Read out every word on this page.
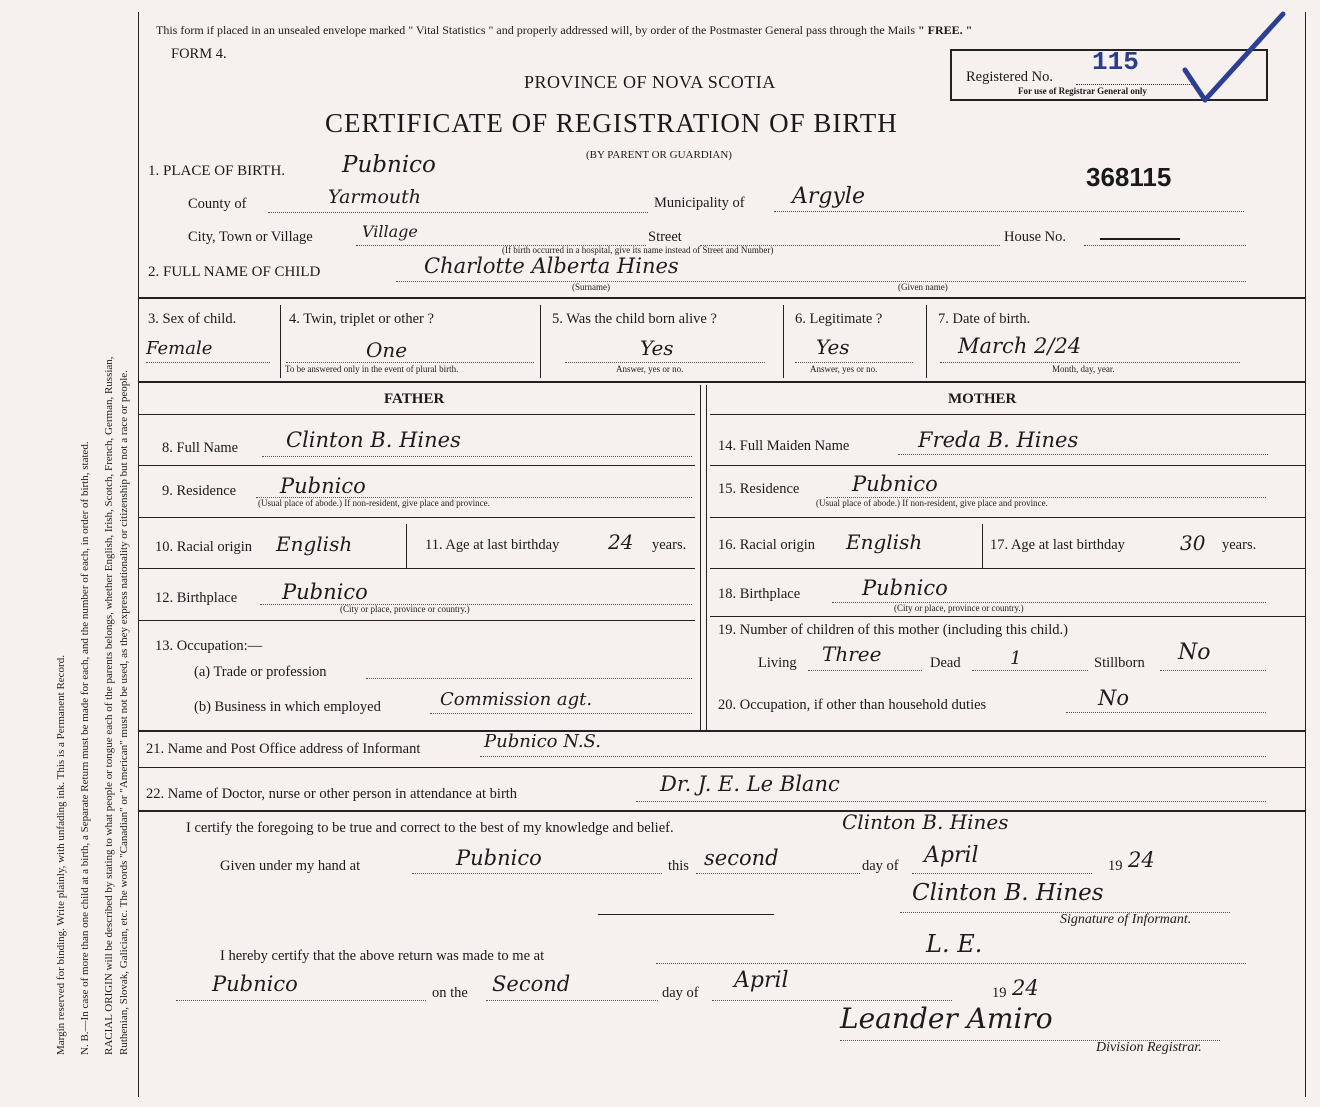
Margin reserved for binding. Write plainly, with unfading ink. This is a Permanent Record. N. B.—In case of more than one child at a birth, a Separate Return must be made for each, and the number of each, in order of birth, stated. RACIAL ORIGIN will be described by stating to what people or tongue each of the parents belongs, whether English, Irish, Scotch, French, German, Russian, Ruthenian, Slovak, Galician, etc. The words "Canadian" or "American" must not be used, as they express nationality or citizenship but not a race or people.
This form if placed in an unsealed envelope marked " Vital Statistics " and properly addressed will, by order of the Postmaster General pass through the Mails " FREE. "
FORM 4.
PROVINCE OF NOVA SCOTIA
CERTIFICATE OF REGISTRATION OF BIRTH
(BY PARENT OR GUARDIAN)
Registered No. 115
For use of Registrar General only
368115
1. PLACE OF BIRTH. Pubnico
County of	Yarmouth	Municipality of Argyle
City, Town or Village	Village	Street	House No.
(If birth occurred in a hospital, give its name instead of Street and Number)
2. FULL NAME OF CHILD	Charlotte Alberta Hines
(Surname)	(Given name)
3. Sex of child.
Female
4. Twin, triplet or other ?
One
To be answered only in the event of plural birth.
5. Was the child born alive ?
Yes
Answer, yes or no.
6. Legitimate ?
Yes
Answer, yes or no.
7. Date of birth.
March 2/24
Month, day, year.
FATHER	MOTHER
8. Full Name Clinton B. Hines
9. Residence Pubnico
(Usual place of abode.) If non-resident, give place and province.
10. Racial origin English	11. Age at last birthday 24 years.
12. Birthplace Pubnico
(City or place, province or country.)
13. Occupation:—
(a) Trade or profession
(b) Business in which employed	Commission agt.
14. Full Maiden Name	Freda B. Hines
15. Residence	Pubnico
(Usual place of abode.) If non-resident, give place and province.
16. Racial origin English	17. Age at last birthday	30 years.
18. Birthplace	Pubnico
(City or place, province or country.)
19. Number of children of this mother (including this child.)
Living Three	Dead	1	Stillborn No
20. Occupation, if other than household duties	No
21. Name and Post Office address of Informant	Pubnico N.S.
22. Name of Doctor, nurse or other person in attendance at birth	Dr. J. E. Le Blanc
I certify the foregoing to be true and correct to the best of my knowledge and belief.	Clinton B. Hines
Given under my hand at	Pubnico	this second	day of April	19 24
Clinton B. Hines
Signature of Informant.
I hereby certify that the above return was made to me at	L. E.
Pubnico	on the Second	day of April	19 24
Leander Amiro
Division Registrar.
